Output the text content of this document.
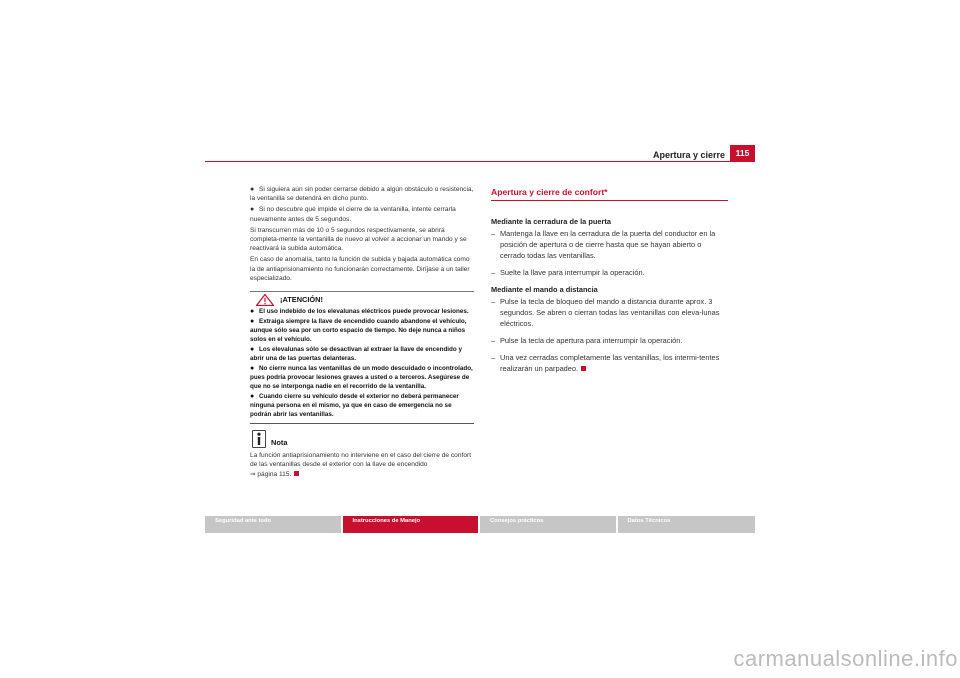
Apertura y cierre	115
● Si siguiera aún sin poder cerrarse debido a algún obstáculo o resistencia, la ventanilla se detendrá en dicho punto.
● Si no descubre qué impide el cierre de la ventanilla, intente cerrarla nuevamente antes de 5 segundos.

Si transcurren más de 10 o 5 segundos respectivamente, se abrirá completa-mente la ventanilla de nuevo al volver a accionar un mando y se reactivará la subida automática.

En caso de anomalía, tanto la función de subida y bajada automática como la de antiaprisionamiento no funcionarán correctamente. Diríjase a un taller especializado.

¡ATENCIÓN!
● El uso indebido de los elevalunas eléctricos puede provocar lesiones.
● Extraiga siempre la llave de encendido cuando abandone el vehículo, aunque sólo sea por un corto espacio de tiempo. No deje nunca a niños solos en el vehículo.
● Los elevalunas sólo se desactivan al extraer la llave de encendido y abrir una de las puertas delanteras.
● No cierre nunca las ventanillas de un modo descuidado o incontrolado, pues podría provocar lesiones graves a usted o a terceros. Asegúrese de que no se interponga nadie en el recorrido de la ventanilla.
● Cuando cierre su vehículo desde el exterior no deberá permanecer ninguna persona en el mismo, ya que en caso de emergencia no se podrán abrir las ventanillas.
Nota
La función antiaprisionamiento no interviene en el caso del cierre de confort de las ventanillas desde el exterior con la llave de encendido
⇒ página 115.
Apertura y cierre de confort*
Mediante la cerradura de la puerta
– Mantenga la llave en la cerradura de la puerta del conductor en la posición de apertura o de cierre hasta que se hayan abierto o cerrado todas las ventanillas.
– Suelte la llave para interrumpir la operación.
Mediante el mando a distancia
– Pulse la tecla de bloqueo del mando a distancia durante aprox. 3 segundos. Se abren o cierran todas las ventanillas con eleva-lunas eléctricos.
– Pulse la tecla de apertura para interrumpir la operación.
– Una vez cerradas completamente las ventanillas, los intermi-tentes realizarán un parpadeo.
Seguridad ante todo	Instrucciones de Manejo	Consejos prácticos	Datos Técnicos
carmanualsonline.info
